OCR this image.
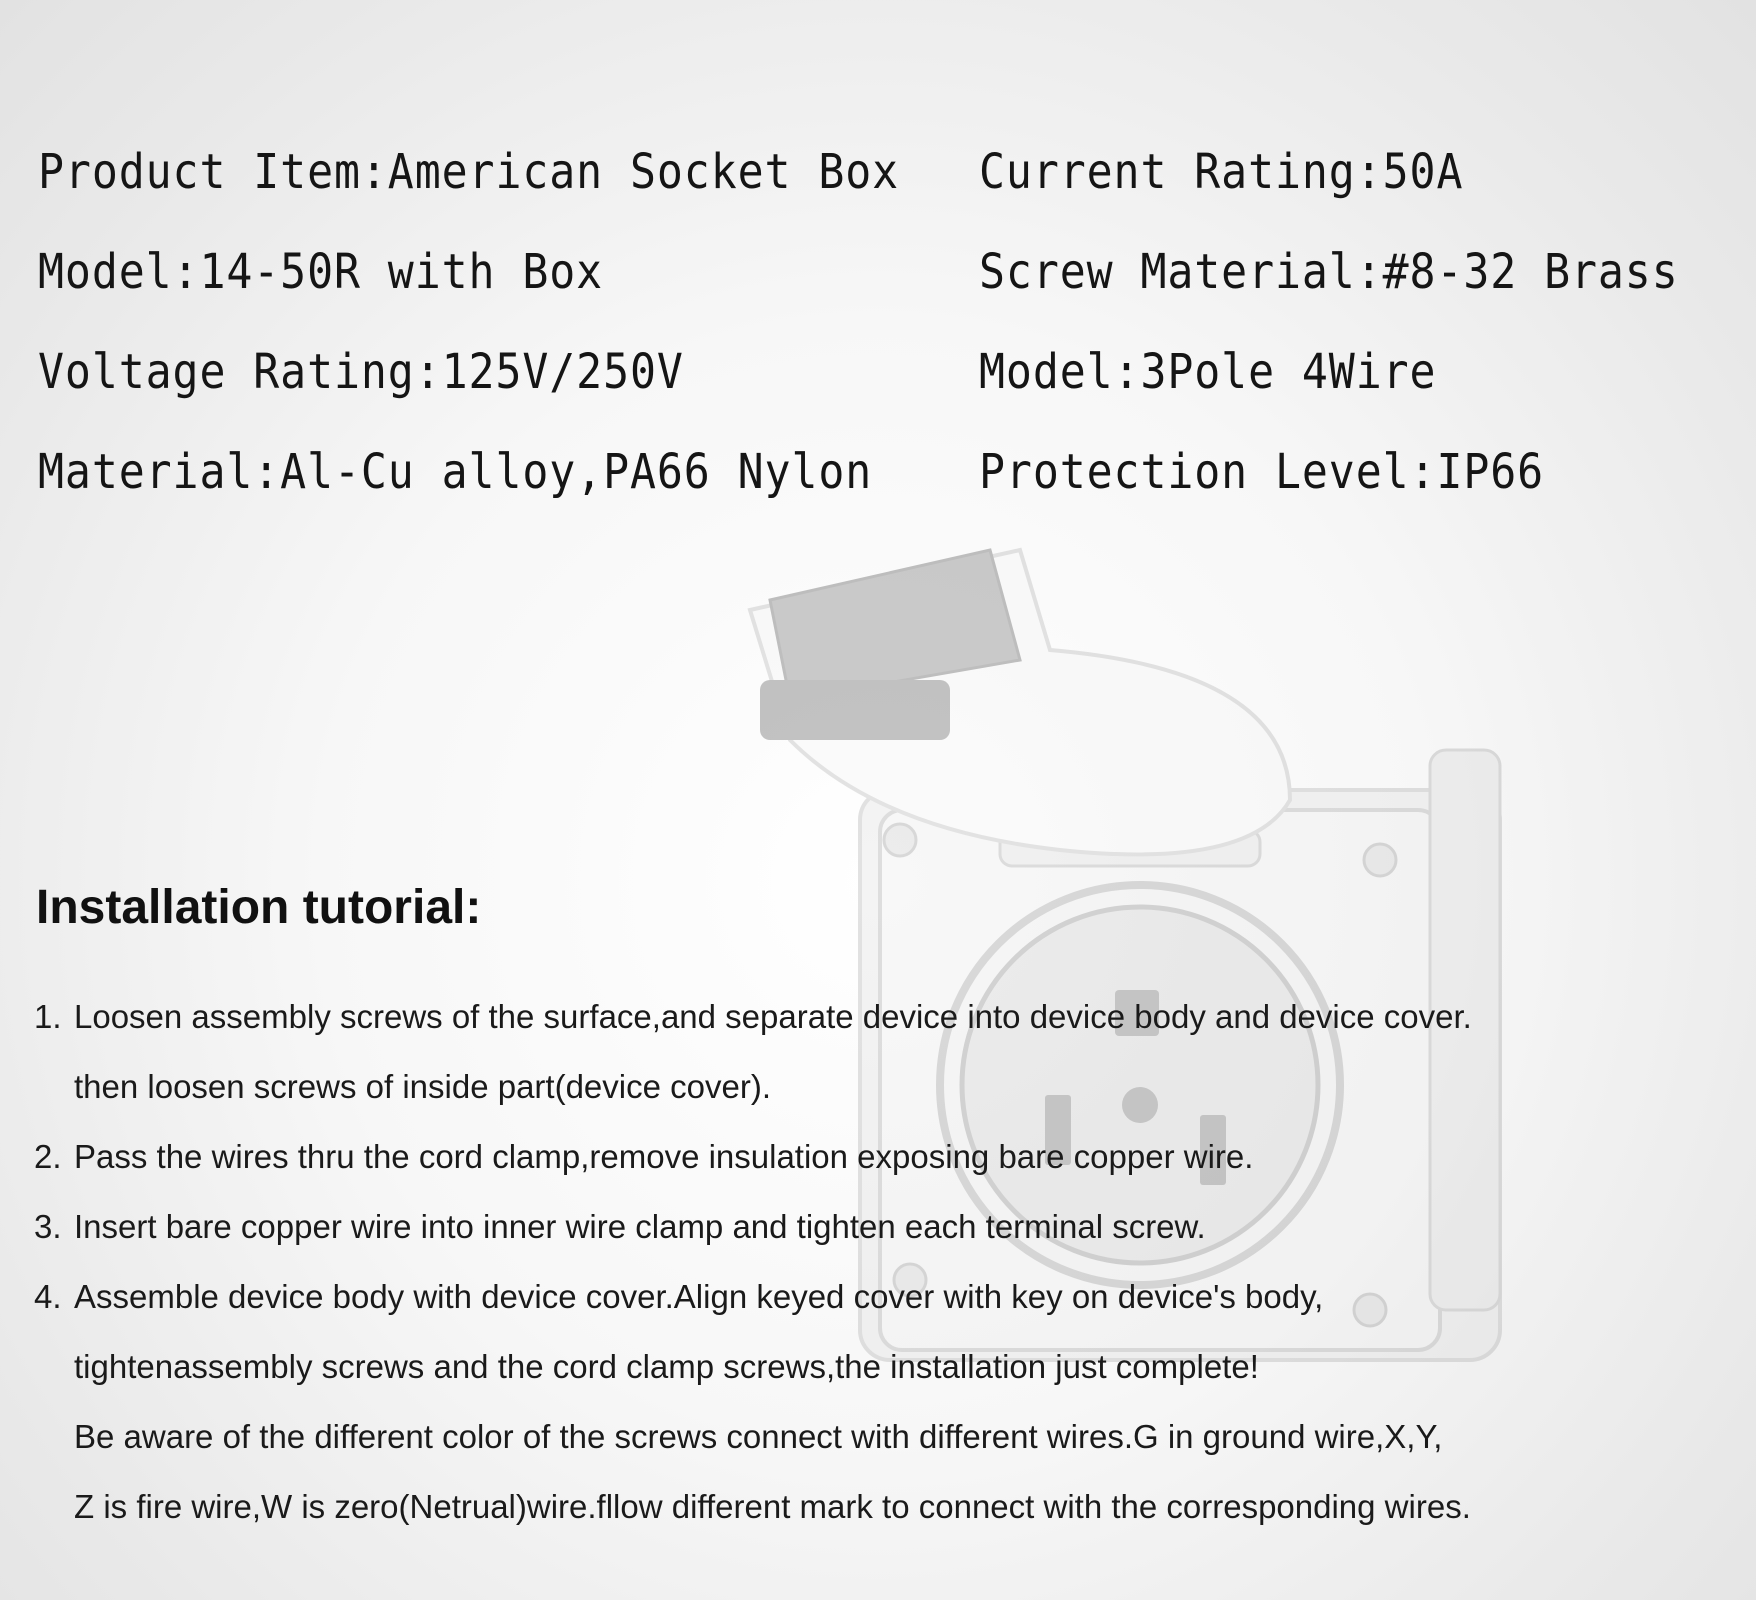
Product Item:American Socket Box
Model:14-50R with Box
Voltage Rating:125V/250V
Material:Al-Cu alloy,PA66 Nylon
Current Rating:50A
Screw Material:#8-32 Brass
Model:3Pole 4Wire
Protection Level:IP66
Installation tutorial:
1. Loosen assembly screws of the surface,and separate device into device body and device cover.
then loosen screws of inside part(device cover).
2. Pass the wires thru the cord clamp,remove insulation exposing bare copper wire.
3. Insert bare copper wire into inner wire clamp and tighten each terminal screw.
4. Assemble device body with device cover.Align keyed cover with key on device's body,
tightenassembly screws and the cord clamp screws,the installation just complete!
Be aware of the different color of the screws connect with different wires.G in ground wire,X,Y,
Z is fire wire,W is zero(Netrual)wire.fllow different mark to connect with the corresponding wires.
